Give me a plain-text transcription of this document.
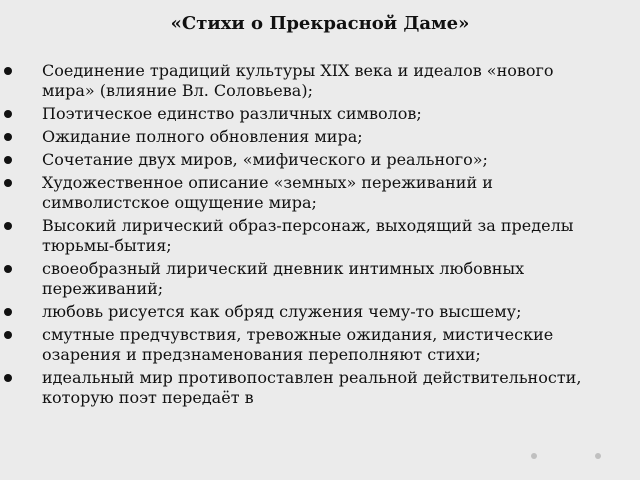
«Стихи о Прекрасной Даме»
Соединение традиций культуры XIX века и идеалов «нового мира» (влияние Вл. Соловьева);
Поэтическое единство различных символов;
Ожидание полного обновления мира;
Сочетание двух миров, «мифического и реального»;
Художественное описание «земных» переживаний и символистское ощущение мира;
Высокий лирический образ-персонаж, выходящий за пределы тюрьмы-бытия;
своеобразный лирический дневник интимных любовных переживаний;
любовь рисуется как обряд служения чему-то высшему;
смутные предчувствия, тревожные ожидания, мистические озарения и предзнаменования переполняют стихи;
идеальный мир противопоставлен реальной действительности, которую поэт передаёт в
